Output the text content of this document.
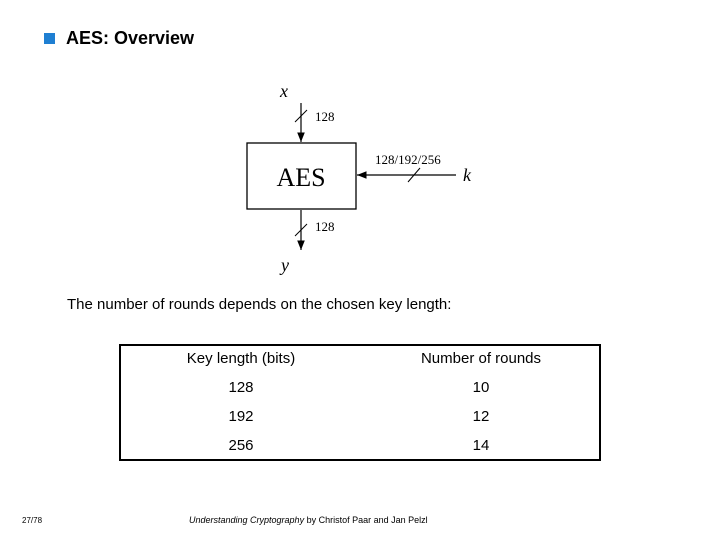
AES: Overview
AES
x
128
128
y
128/192/256
k
The number of rounds depends on the chosen key length:
Key length (bits)	Number of rounds
128	10
192	12
256	14
27/78	Understanding Cryptography by Christof Paar and Jan Pelzl
